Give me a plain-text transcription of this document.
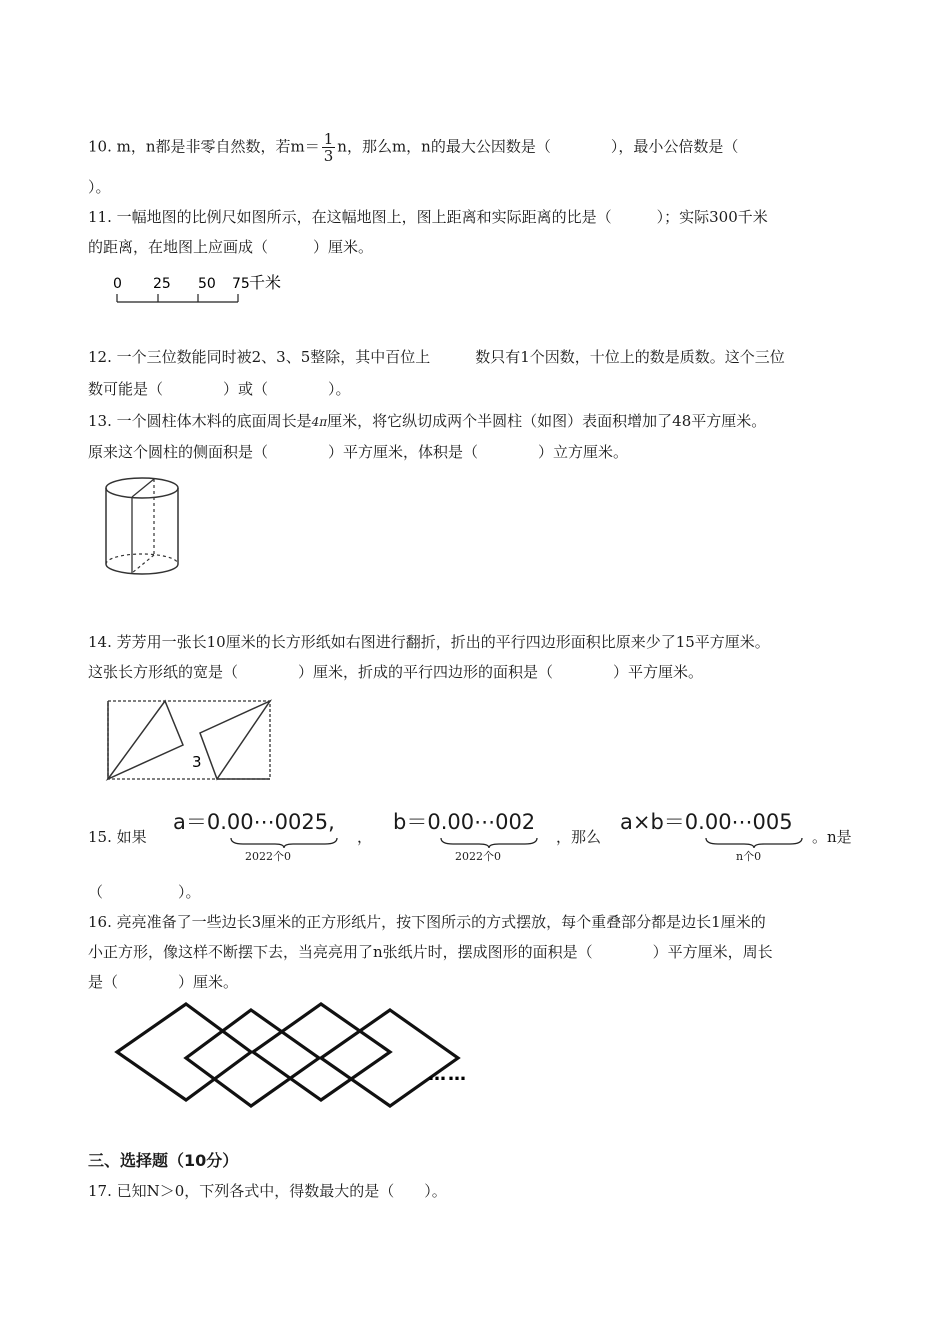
10. m，n都是非零自然数，若$m= \frac{1}{3}$ n，那么m，n的最大公因数是（　　　　），最小公倍数是（
）。
11. 一幅地图的比例尺如图所示，在这幅地图上，图上距离和实际距离的比是（　　　）；实际300千米
的距离，在地图上应画成（　　　）厘米。
0 25 50 75 千米
12. 一个三位数能同时被2、3、5整除，其中百位上　　　数只有1个因数，十位上的数是质数。这个三位
数可能是（　　　　）或（　　　　）。
13. 一个圆柱体木料的底面周长是4π厘米，将它纵切成两个半圆柱（如图）表面积增加了48平方厘米。
原来这个圆柱的侧面积是（　　　　）平方厘米，体积是（　　　　）立方厘米。
14. 芳芳用一张长10厘米的长方形纸如右图进行翻折，折出的平行四边形面积比原来少了15平方厘米。
这张长方形纸的宽是（　　　　）厘米，折成的平行四边形的面积是（　　　　）平方厘米。
3
15. 如果
a＝0.00⋯0025,
2022个0
，
b＝0.00⋯002
2022个0
，那么
a×b＝0.00⋯005
n个0
。n是
（　　　　　）。
16. 亮亮准备了一些边长3厘米的正方形纸片，按下图所示的方式摆放，每个重叠部分都是边长1厘米的
小正方形，像这样不断摆下去，当亮亮用了n张纸片时，摆成图形的面积是（　　　　）平方厘米，周长
是（　　　　）厘米。
……
三、选择题（10分）
17. 已知N＞0，下列各式中，得数最大的是（　　）。
